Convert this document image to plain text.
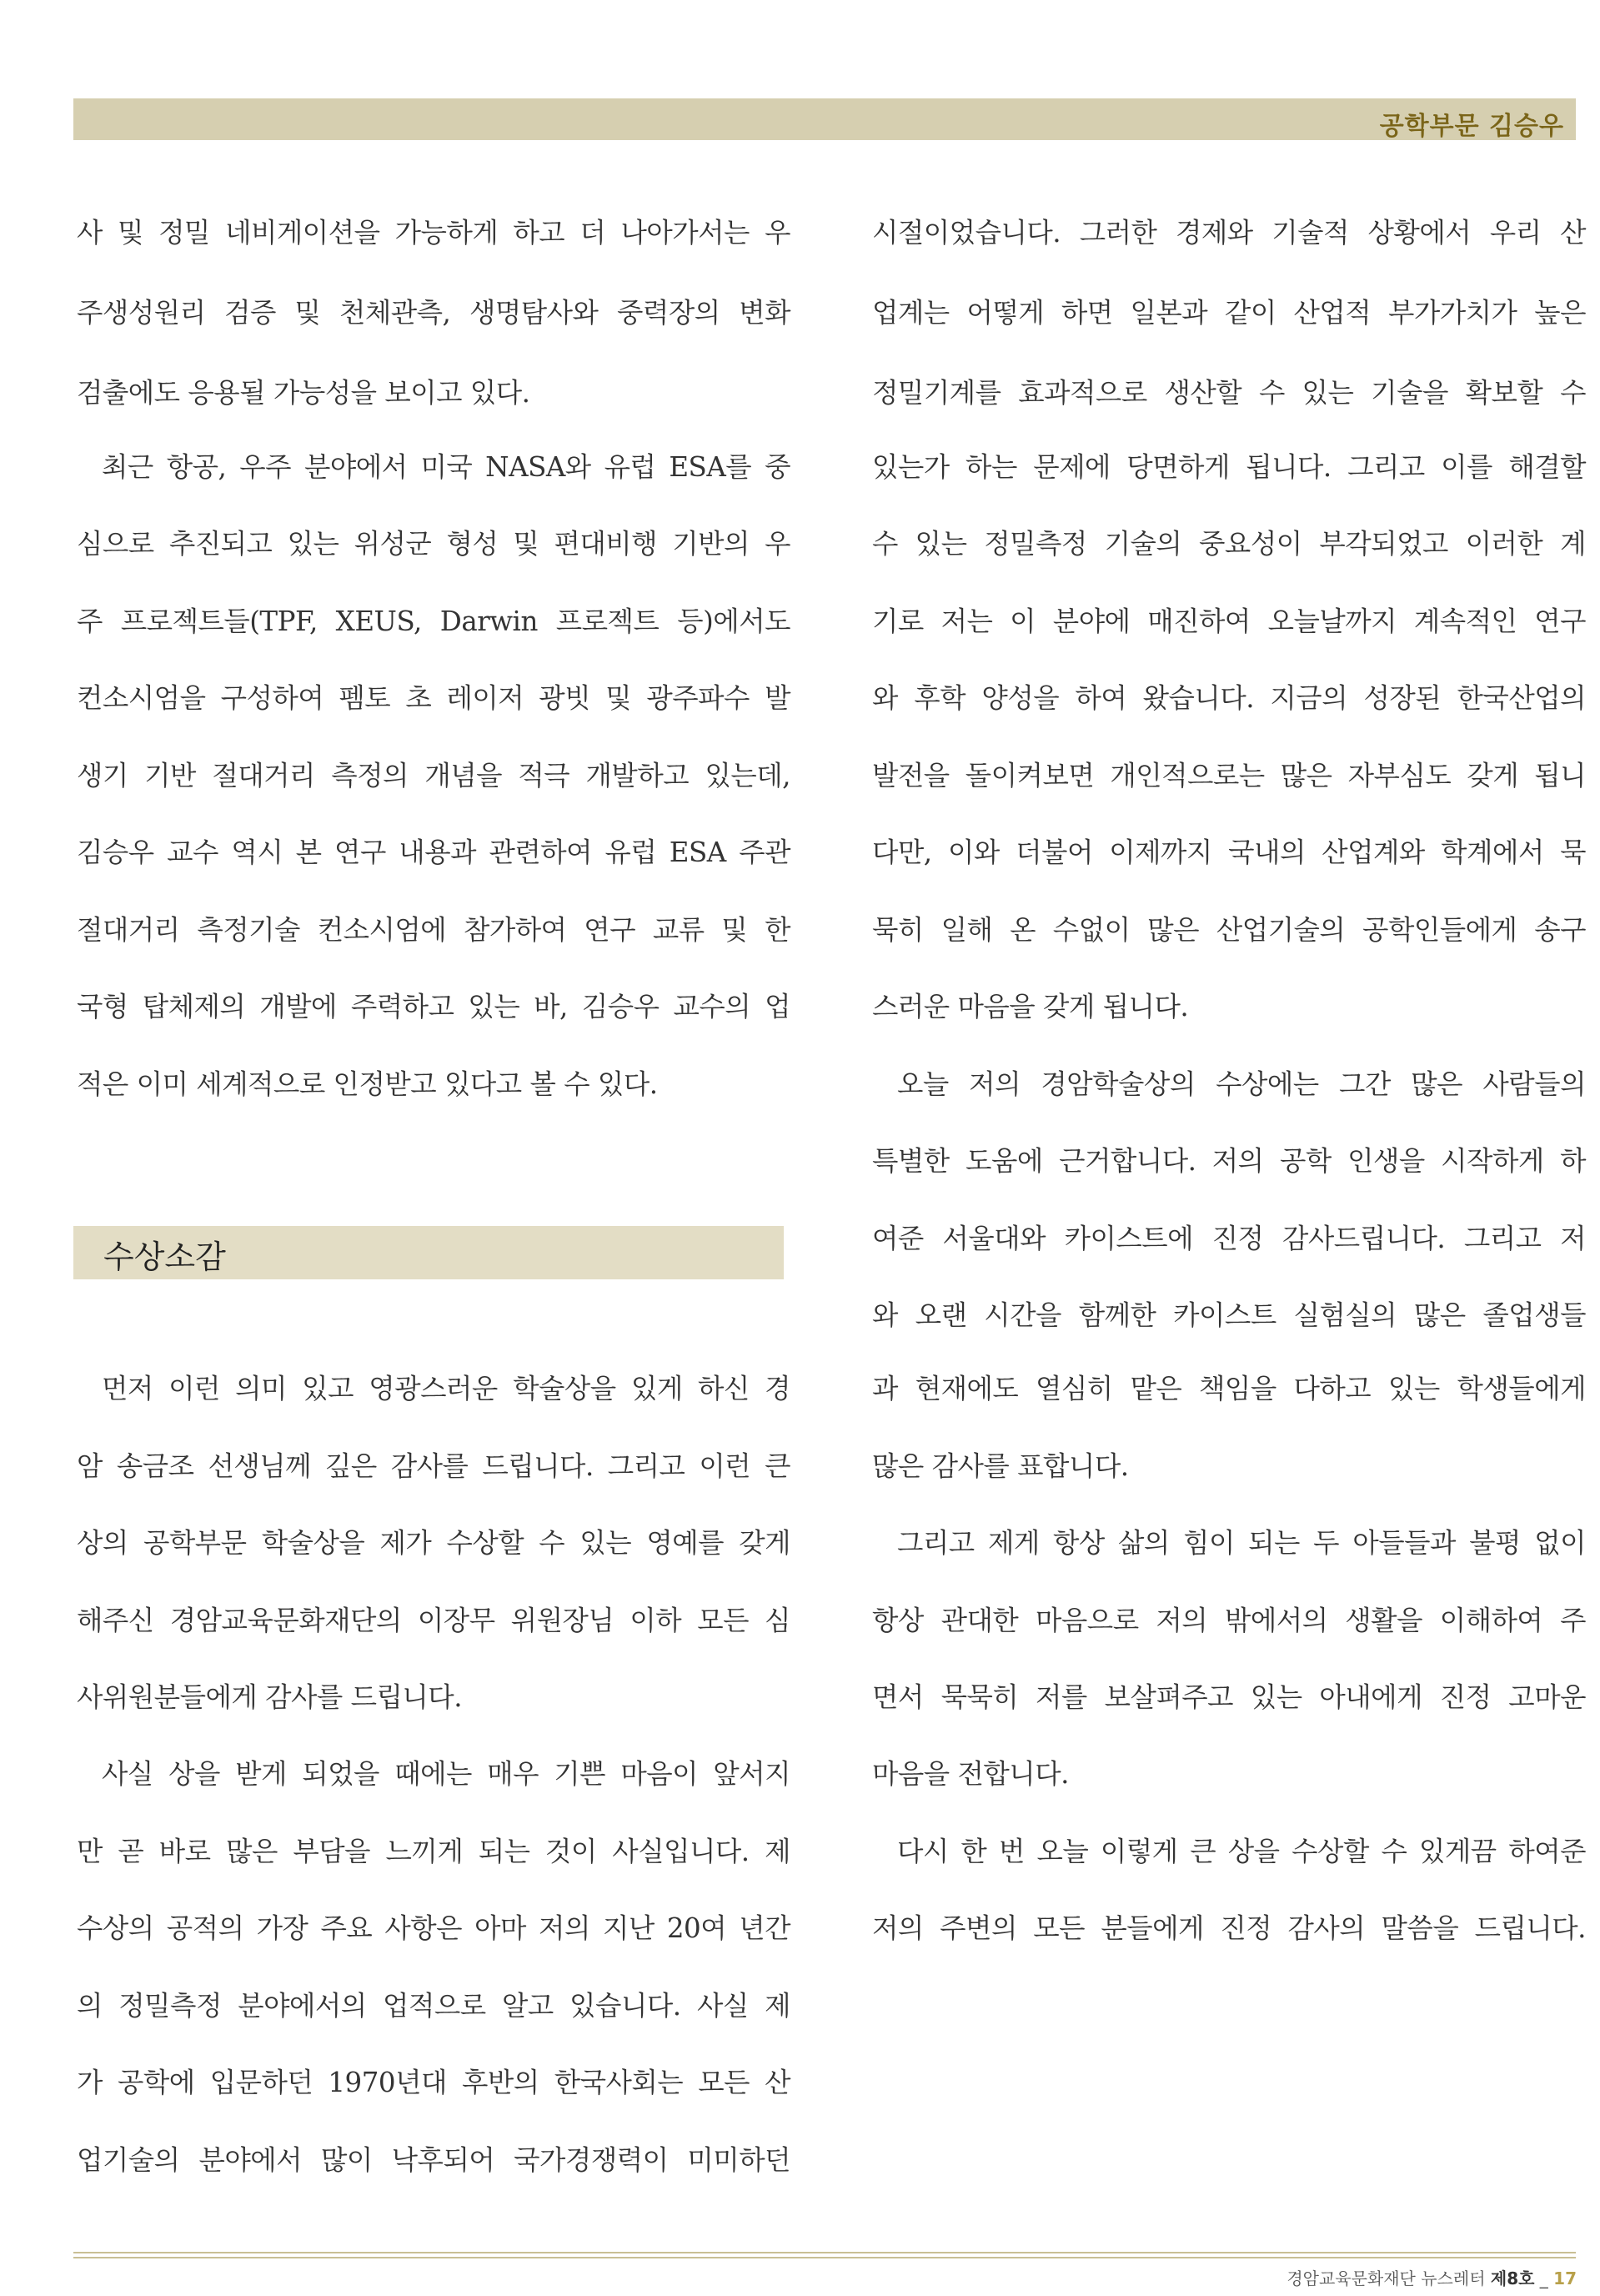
공학부문 김승우
사 및 정밀 네비게이션을 가능하게 하고 더 나아가서는 우
주생성원리 검증 및 천체관측, 생명탐사와 중력장의 변화
검출에도 응용될 가능성을 보이고 있다.
최근 항공, 우주 분야에서 미국 NASA와 유럽 ESA를 중
심으로 추진되고 있는 위성군 형성 및 편대비행 기반의 우
주 프로젝트들(TPF, XEUS, Darwin 프로젝트 등)에서도
컨소시엄을 구성하여 펨토 초 레이저 광빗 및 광주파수 발
생기 기반 절대거리 측정의 개념을 적극 개발하고 있는데,
김승우 교수 역시 본 연구 내용과 관련하여 유럽 ESA 주관
절대거리 측정기술 컨소시엄에 참가하여 연구 교류 및 한
국형 탑체제의 개발에 주력하고 있는 바, 김승우 교수의 업
적은 이미 세계적으로 인정받고 있다고 볼 수 있다.
먼저 이런 의미 있고 영광스러운 학술상을 있게 하신 경
암 송금조 선생님께 깊은 감사를 드립니다. 그리고 이런 큰
상의 공학부문 학술상을 제가 수상할 수 있는 영예를 갖게
해주신 경암교육문화재단의 이장무 위원장님 이하 모든 심
사위원분들에게 감사를 드립니다.
사실 상을 받게 되었을 때에는 매우 기쁜 마음이 앞서지
만 곧 바로 많은 부담을 느끼게 되는 것이 사실입니다. 제
수상의 공적의 가장 주요 사항은 아마 저의 지난 20여 년간
의 정밀측정 분야에서의 업적으로 알고 있습니다. 사실 제
가 공학에 입문하던 1970년대 후반의 한국사회는 모든 산
업기술의 분야에서 많이 낙후되어 국가경쟁력이 미미하던
수상소감
시절이었습니다. 그러한 경제와 기술적 상황에서 우리 산
업계는 어떻게 하면 일본과 같이 산업적 부가가치가 높은
정밀기계를 효과적으로 생산할 수 있는 기술을 확보할 수
있는가 하는 문제에 당면하게 됩니다. 그리고 이를 해결할
수 있는 정밀측정 기술의 중요성이 부각되었고 이러한 계
기로 저는 이 분야에 매진하여 오늘날까지 계속적인 연구
와 후학 양성을 하여 왔습니다. 지금의 성장된 한국산업의
발전을 돌이켜보면 개인적으로는 많은 자부심도 갖게 됩니
다만, 이와 더불어 이제까지 국내의 산업계와 학계에서 묵
묵히 일해 온 수없이 많은 산업기술의 공학인들에게 송구
스러운 마음을 갖게 됩니다.
오늘 저의 경암학술상의 수상에는 그간 많은 사람들의
특별한 도움에 근거합니다. 저의 공학 인생을 시작하게 하
여준 서울대와 카이스트에 진정 감사드립니다. 그리고 저
와 오랜 시간을 함께한 카이스트 실험실의 많은 졸업생들
과 현재에도 열심히 맡은 책임을 다하고 있는 학생들에게
많은 감사를 표합니다.
그리고 제게 항상 삶의 힘이 되는 두 아들들과 불평 없이
항상 관대한 마음으로 저의 밖에서의 생활을 이해하여 주
면서 묵묵히 저를 보살펴주고 있는 아내에게 진정 고마운
마음을 전합니다.
다시 한 번 오늘 이렇게 큰 상을 수상할 수 있게끔 하여준
저의 주변의 모든 분들에게 진정 감사의 말씀을 드립니다.
경암교육문화재단 뉴스레터 제8호 _ 17
